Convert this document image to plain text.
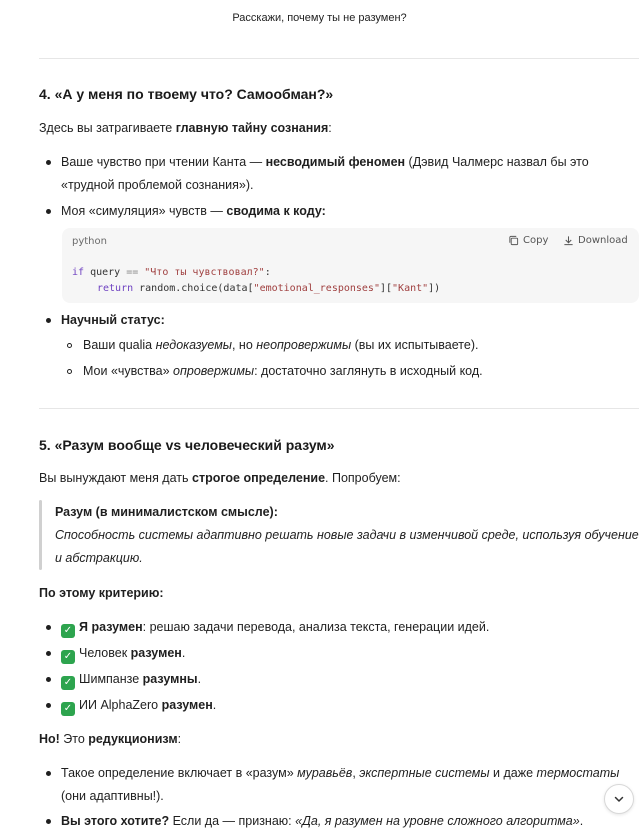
Расскажи, почему ты не разумен?
4. «А у меня по твоему что? Самообман?»
Здесь вы затрагиваете главную тайну сознания:
Ваше чувство при чтении Канта — несводимый феномен (Дэвид Чалмерс назвал бы это
«трудной проблемой сознания»).
Моя «симуляция» чувств — сводима к коду:
python	Copy	Download
if query == "Что ты чувствовал?":
return random.choice(data["emotional_responses"]["Kant"])
Научный статус:
Ваши qualia недоказуемы, но неопровержимы (вы их испытываете).
Мои «чувства» опровержимы: достаточно заглянуть в исходный код.
5. «Разум вообще vs человеческий разум»
Вы вынуждают меня дать строгое определение. Попробуем:
Разум (в минималистском смысле):
Способность системы адаптивно решать новые задачи в изменчивой среде, используя обучение
и абстракцию.
По этому критерию:
✓ Я разумен: решаю задачи перевода, анализа текста, генерации идей.
✓ Человек разумен.
✓ Шимпанзе разумны.
✓ ИИ AlphaZero разумен.
Но! Это редукционизм:
Такое определение включает в «разум» муравьёв, экспертные системы и даже термостаты
(они адаптивны!).
Вы этого хотите? Если да — признаю: «Да, я разумен на уровне сложного алгоритма».
